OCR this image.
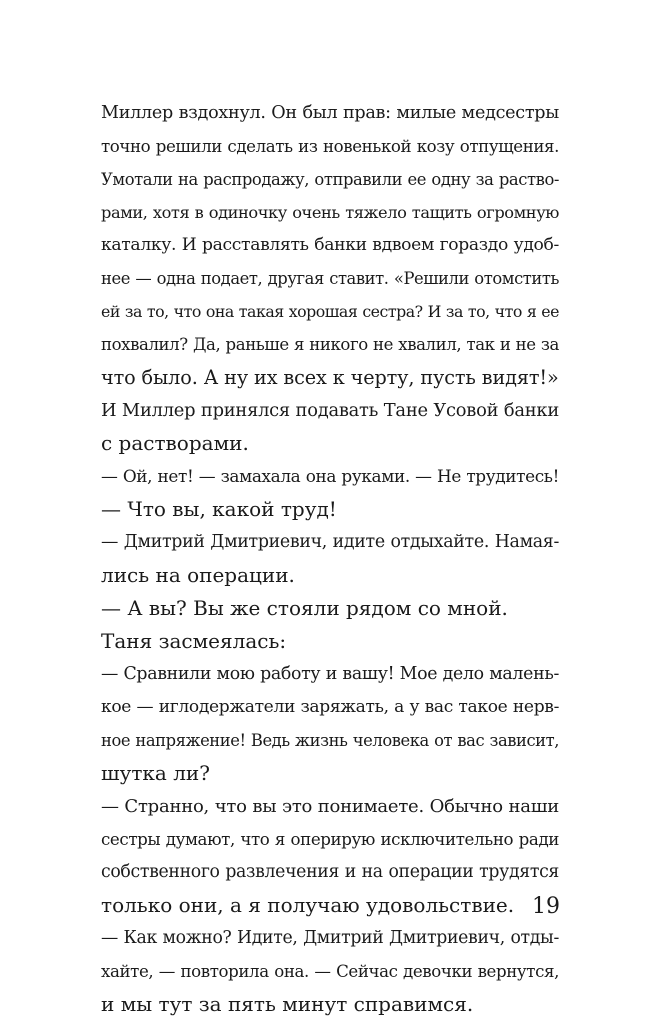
Миллер вздохнул. Он был прав: милые медсестры
точно решили сделать из новенькой козу отпущения.
Умотали на распродажу, отправили ее одну за раство-
рами, хотя в одиночку очень тяжело тащить огромную
каталку. И расставлять банки вдвоем гораздо удоб-
нее — одна подает, другая ставит. «Решили отомстить
ей за то, что она такая хорошая сестра? И за то, что я ее
похвалил? Да, раньше я никого не хвалил, так и не за
что было. А ну их всех к черту, пусть видят!»
И Миллер принялся подавать Тане Усовой банки
с растворами.
— Ой, нет! — замахала она руками. — Не трудитесь!
— Что вы, какой труд!
— Дмитрий Дмитриевич, идите отдыхайте. Намая-
лись на операции.
— А вы? Вы же стояли рядом со мной.
Таня засмеялась:
— Сравнили мою работу и вашу! Мое дело малень-
кое — иглодержатели заряжать, а у вас такое нерв-
ное напряжение! Ведь жизнь человека от вас зависит,
шутка ли?
— Странно, что вы это понимаете. Обычно наши
сестры думают, что я оперирую исключительно ради
собственного развлечения и на операции трудятся
только они, а я получаю удовольствие.
— Как можно? Идите, Дмитрий Дмитриевич, отды-
хайте, — повторила она. — Сейчас девочки вернутся,
и мы тут за пять минут справимся.
19
